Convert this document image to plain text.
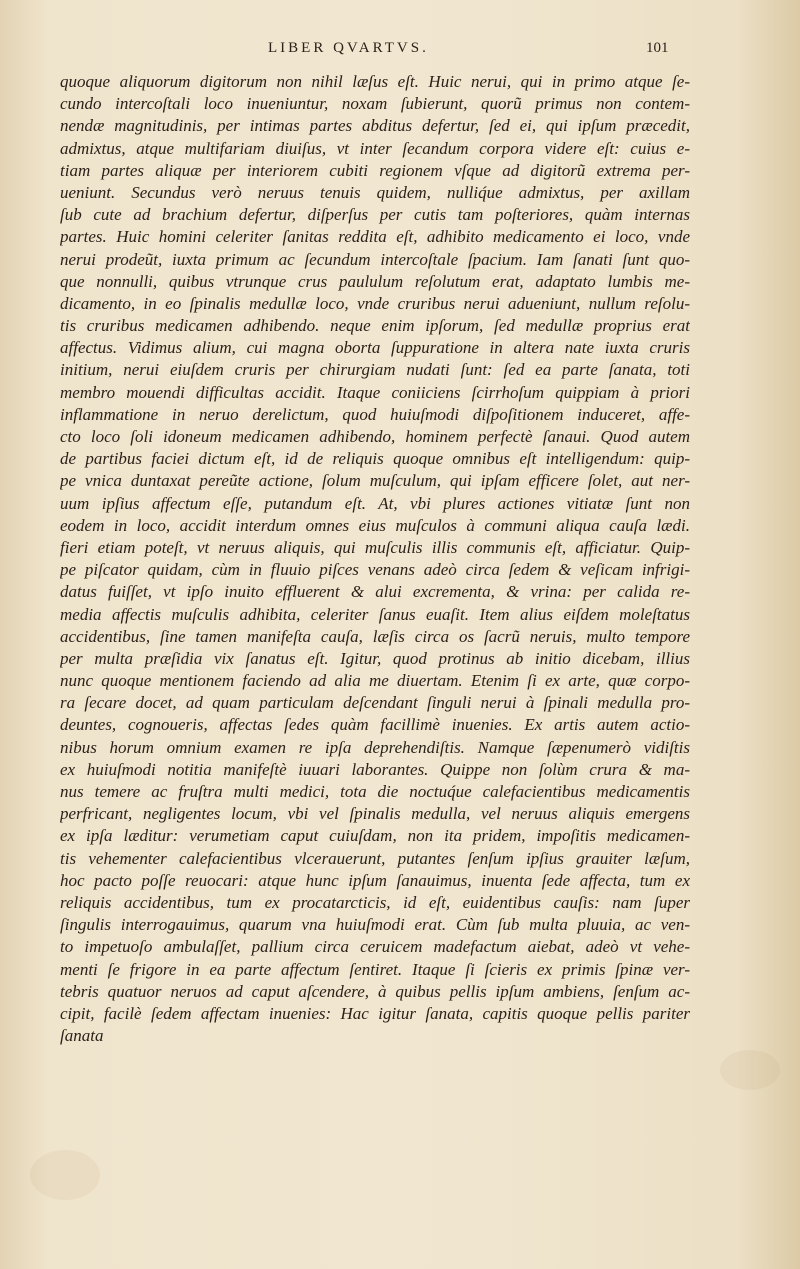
LIBER QVARTVS.	101
quoque aliquorum digitorum non nihil læſus eſt. Huic nerui, qui in primo atque ſe-
cundo intercoſtali loco inueniuntur, noxam ſubierunt, quorũ primus non contem-
nendæ magnitudinis, per intimas partes abditus defertur, ſed ei, qui ipſum præcedit,
admixtus, atque multifariam diuiſus, vt inter ſecandum corpora videre eſt: cuius e-
tiam partes aliquæ per interiorem cubiti regionem vſque ad digitorũ extrema per-
ueniunt. Secundus verò neruus tenuis quidem, nulliq́ue admixtus, per axillam
ſub cute ad brachium defertur, diſperſus per cutis tam poſteriores, quàm internas
partes. Huic homini celeriter ſanitas reddita eſt, adhibito medicamento ei loco, vnde
nerui prodeũt, iuxta primum ac ſecundum intercoſtale ſpacium. Iam ſanati ſunt quo-
que nonnulli, quibus vtrunque crus paululum reſolutum erat, adaptato lumbis me-
dicamento, in eo ſpinalis medullæ loco, vnde cruribus nerui adueniunt, nullum reſolu-
tis cruribus medicamen adhibendo. neque enim ipſorum, ſed medullæ proprius erat
affectus. Vidimus alium, cui magna oborta ſuppuratione in altera nate iuxta cruris
initium, nerui eiuſdem cruris per chirurgiam nudati ſunt: ſed ea parte ſanata, toti
membro mouendi difficultas accidit. Itaque coniiciens ſcirrhoſum quippiam à priori
inflammatione in neruo derelictum, quod huiuſmodi diſpoſitionem induceret, affe-
cto loco ſoli idoneum medicamen adhibendo, hominem perfectè ſanaui. Quod autem
de partibus faciei dictum eſt, id de reliquis quoque omnibus eſt intelligendum: quip-
pe vnica duntaxat pereũte actione, ſolum muſculum, qui ipſam efficere ſolet, aut ner-
uum ipſius affectum eſſe, putandum eſt. At, vbi plures actiones vitiatæ ſunt non
eodem in loco, accidit interdum omnes eius muſculos à communi aliqua cauſa lædi.
fieri etiam poteſt, vt neruus aliquis, qui muſculis illis communis eſt, afficiatur. Quip-
pe piſcator quidam, cùm in fluuio piſces venans adeò circa ſedem & veſicam infrigi-
datus fuiſſet, vt ipſo inuito effluerent & alui excrementa, & vrina: per calida re-
media affectis muſculis adhibita, celeriter ſanus euaſit. Item alius eiſdem moleſtatus
accidentibus, ſine tamen manifeſta cauſa, læſis circa os ſacrũ neruis, multo tempore
per multa præſidia vix ſanatus eſt. Igitur, quod protinus ab initio dicebam, illius
nunc quoque mentionem faciendo ad alia me diuertam. Etenim ſi ex arte, quæ corpo-
ra ſecare docet, ad quam particulam deſcendant ſinguli nerui à ſpinali medulla pro-
deuntes, cognoueris, affectas ſedes quàm facillimè inuenies. Ex artis autem actio-
nibus horum omnium examen re ipſa deprehendiſtis. Namque ſæpenumerò vidiſtis
ex huiuſmodi notitia manifeſtè iuuari laborantes. Quippe non ſolùm crura & ma-
nus temere ac fruſtra multi medici, tota die noctuq́ue calefacientibus medicamentis
perfricant, negligentes locum, vbi vel ſpinalis medulla, vel neruus aliquis emergens
ex ipſa læditur: verumetiam caput cuiuſdam, non ita pridem, impoſitis medicamen-
tis vehementer calefacientibus vlcerauerunt, putantes ſenſum ipſius grauiter læſum,
hoc pacto poſſe reuocari: atque hunc ipſum ſanauimus, inuenta ſede affecta, tum ex
reliquis accidentibus, tum ex procatarcticis, id eſt, euidentibus cauſis: nam ſuper
ſingulis interrogauimus, quarum vna huiuſmodi erat. Cùm ſub multa pluuia, ac ven-
to impetuoſo ambulaſſet, pallium circa ceruicem madefactum aiebat, adeò vt vehe-
menti ſe frigore in ea parte affectum ſentiret. Itaque ſi ſcieris ex primis ſpinæ ver-
tebris quatuor neruos ad caput aſcendere, à quibus pellis ipſum ambiens, ſenſum ac-
cipit, facilè ſedem affectam inuenies: Hac igitur ſanata, capitis quoque pellis pariter
ſanata
